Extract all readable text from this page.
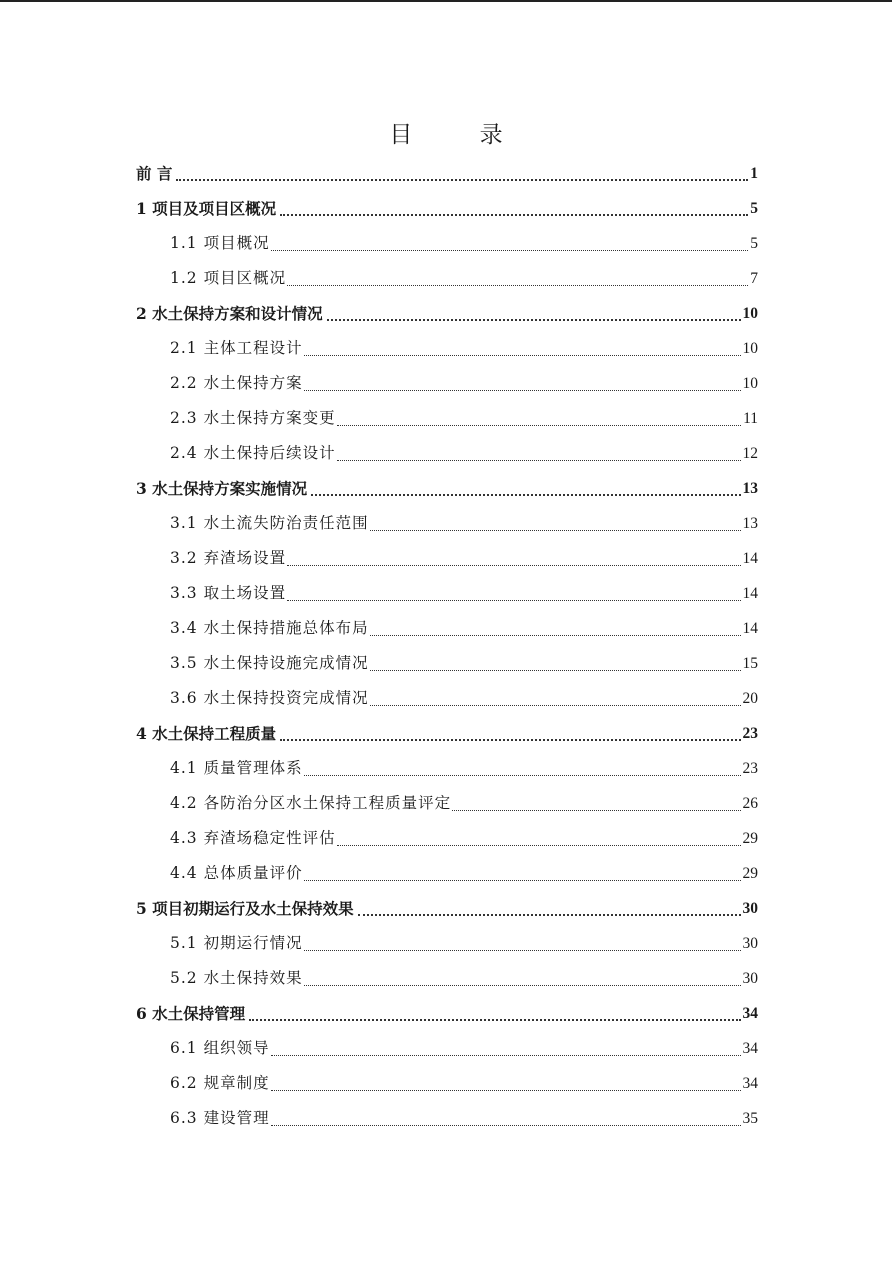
目 录
前 言	1
1 项目及项目区概况	5
1.1 项目概况	5
1.2 项目区概况	7
2 水土保持方案和设计情况	10
2.1 主体工程设计	10
2.2 水土保持方案	10
2.3 水土保持方案变更	11
2.4 水土保持后续设计	12
3 水土保持方案实施情况	13
3.1 水土流失防治责任范围	13
3.2 弃渣场设置	14
3.3 取土场设置	14
3.4 水土保持措施总体布局	14
3.5 水土保持设施完成情况	15
3.6 水土保持投资完成情况	20
4 水土保持工程质量	23
4.1 质量管理体系	23
4.2 各防治分区水土保持工程质量评定	26
4.3 弃渣场稳定性评估	29
4.4 总体质量评价	29
5 项目初期运行及水土保持效果	30
5.1 初期运行情况	30
5.2 水土保持效果	30
6 水土保持管理	34
6.1 组织领导	34
6.2 规章制度	34
6.3 建设管理	35
